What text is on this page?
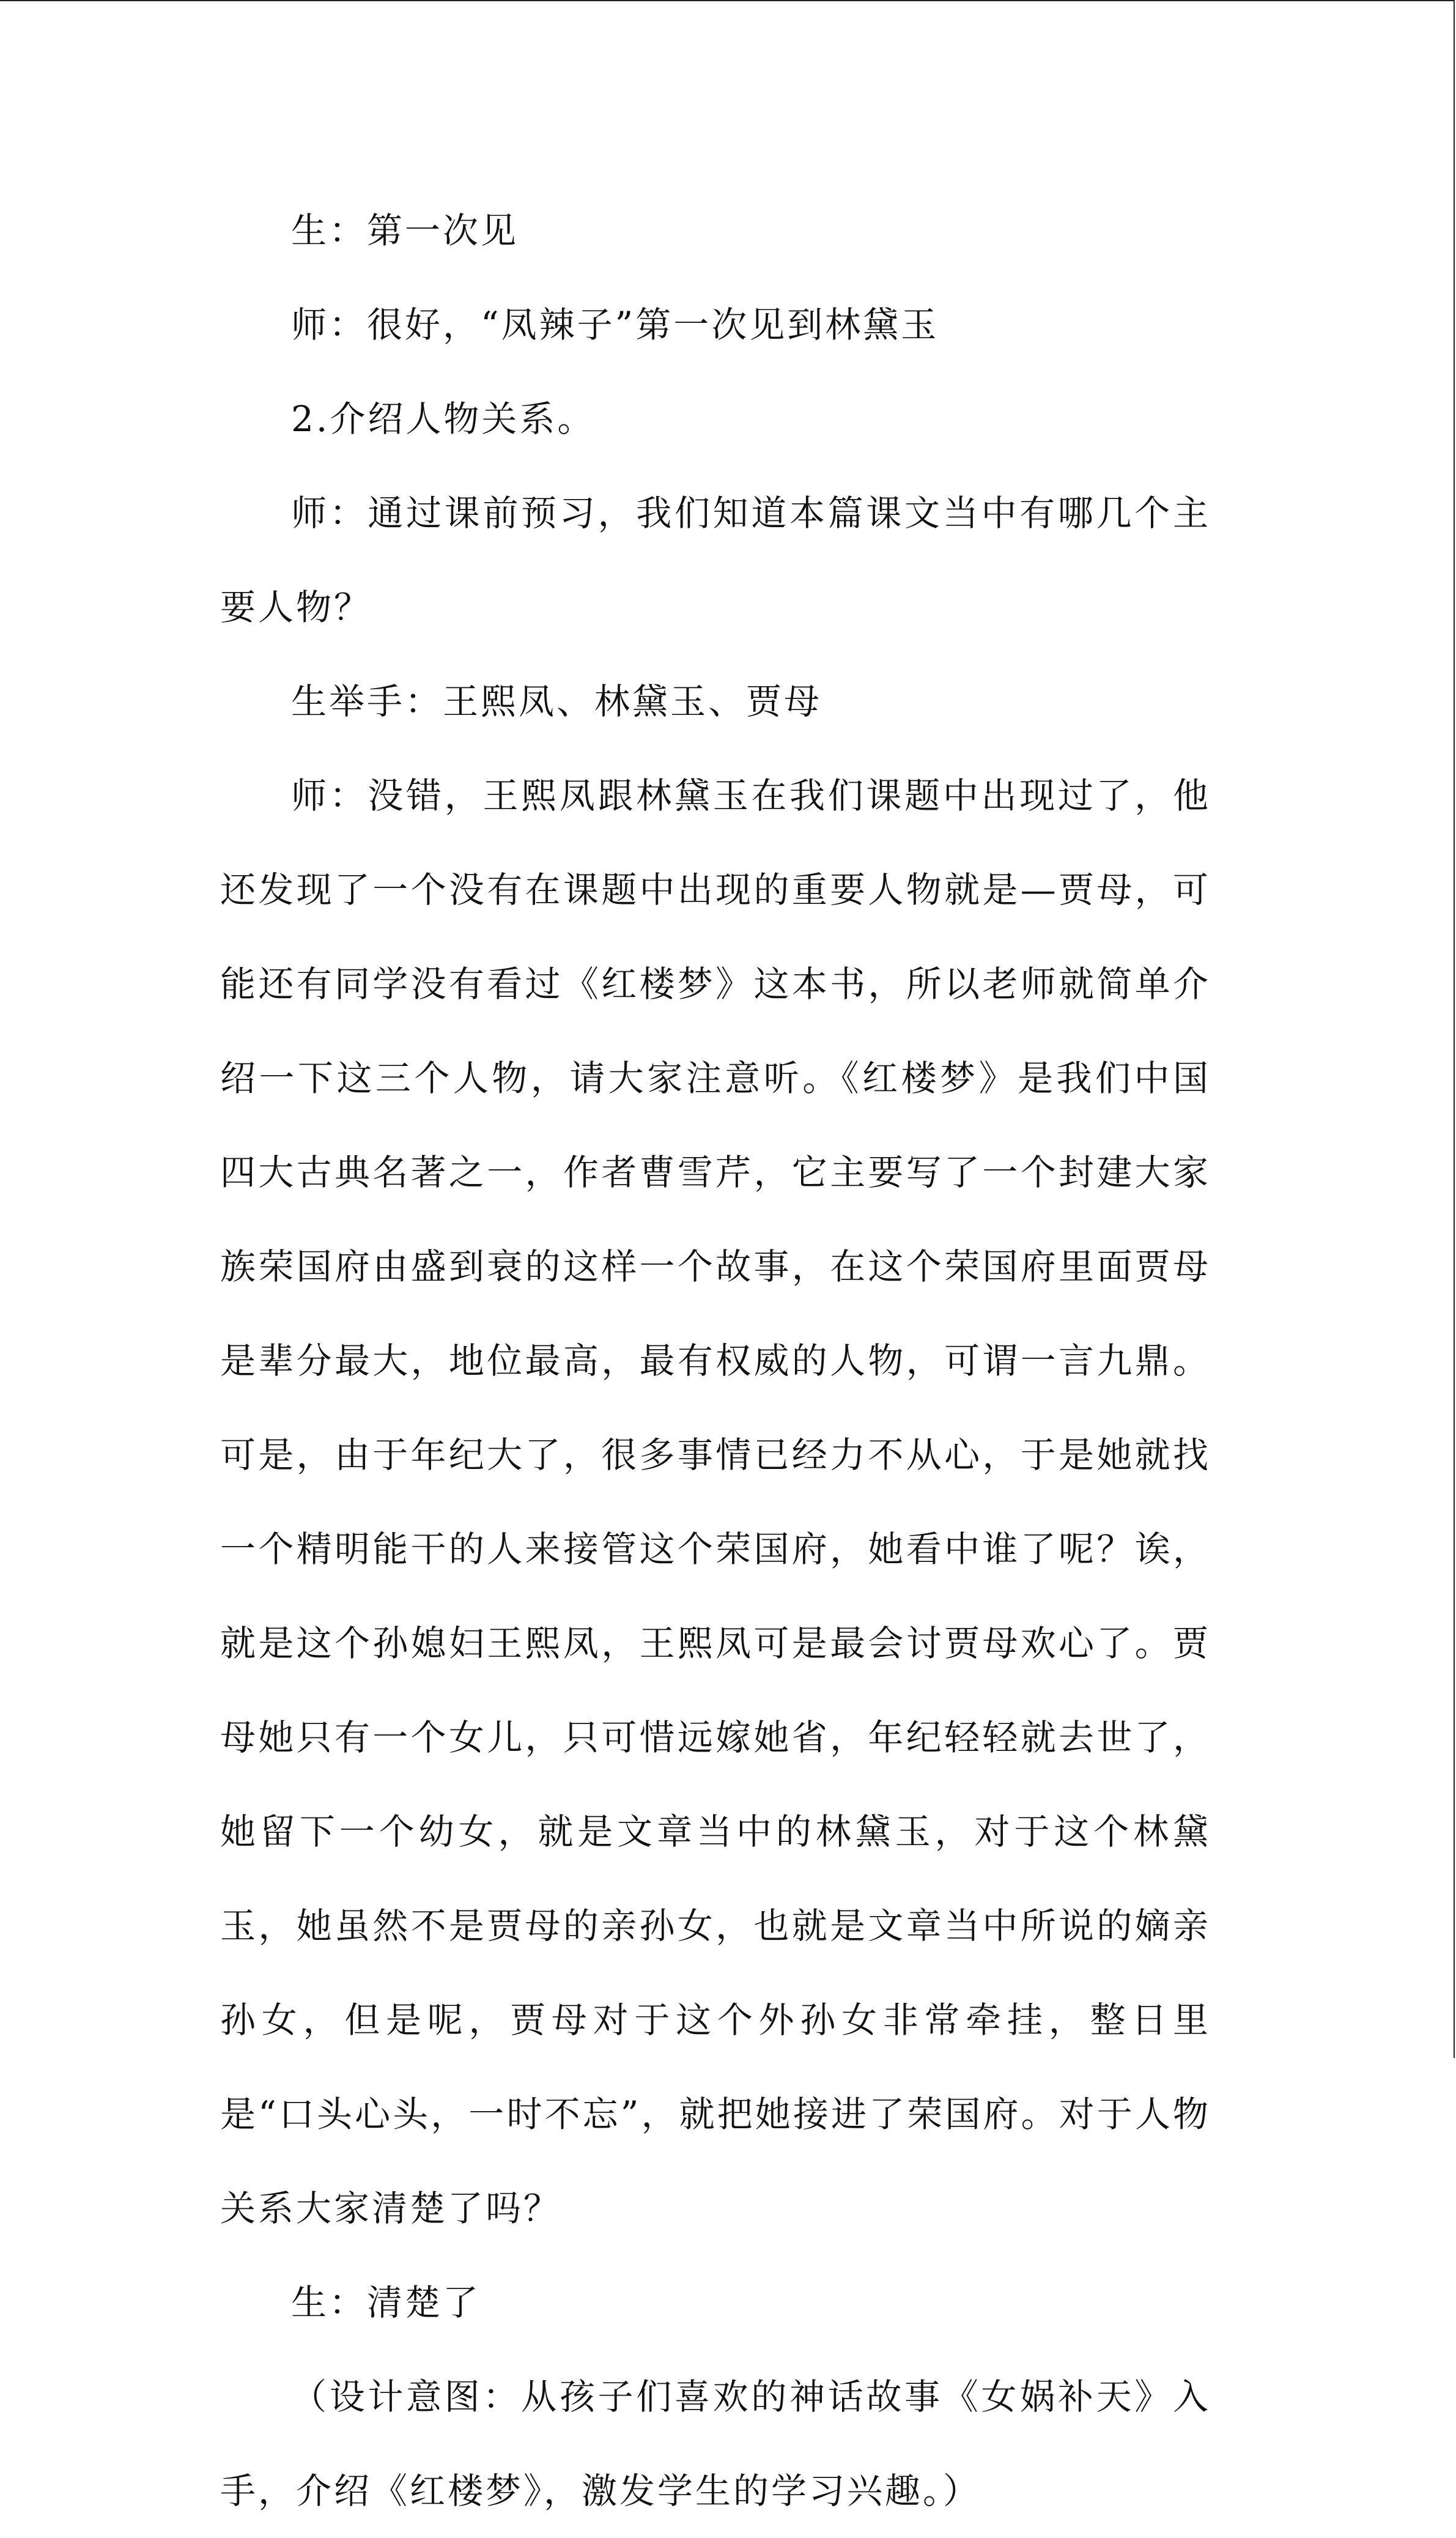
生：第一次见

师：很好，“凤辣子”第一次见到林黛玉

2.介绍人物关系。

师：通过课前预习，我们知道本篇课文当中有哪几个主要人物？

生举手：王熙凤、林黛玉、贾母

师：没错，王熙凤跟林黛玉在我们课题中出现过了，他还发现了一个没有在课题中出现的重要人物就是—贾母，可能还有同学没有看过《红楼梦》这本书，所以老师就简单介绍一下这三个人物，请大家注意听。《红楼梦》是我们中国四大古典名著之一，作者曹雪芹，它主要写了一个封建大家族荣国府由盛到衰的这样一个故事，在这个荣国府里面贾母是辈分最大，地位最高，最有权威的人物，可谓一言九鼎。可是，由于年纪大了，很多事情已经力不从心，于是她就找一个精明能干的人来接管这个荣国府，她看中谁了呢？诶，就是这个孙媳妇王熙凤，王熙凤可是最会讨贾母欢心了。贾母她只有一个女儿，只可惜远嫁她省，年纪轻轻就去世了，她留下一个幼女，就是文章当中的林黛玉，对于这个林黛玉，她虽然不是贾母的亲孙女，也就是文章当中所说的嫡亲孙女，但是呢，贾母对于这个外孙女非常牵挂，整日里是“口头心头，一时不忘”，就把她接进了荣国府。对于人物关系大家清楚了吗？

生：清楚了

（设计意图：从孩子们喜欢的神话故事《女娲补天》入手，介绍《红楼梦》，激发学生的学习兴趣。）
